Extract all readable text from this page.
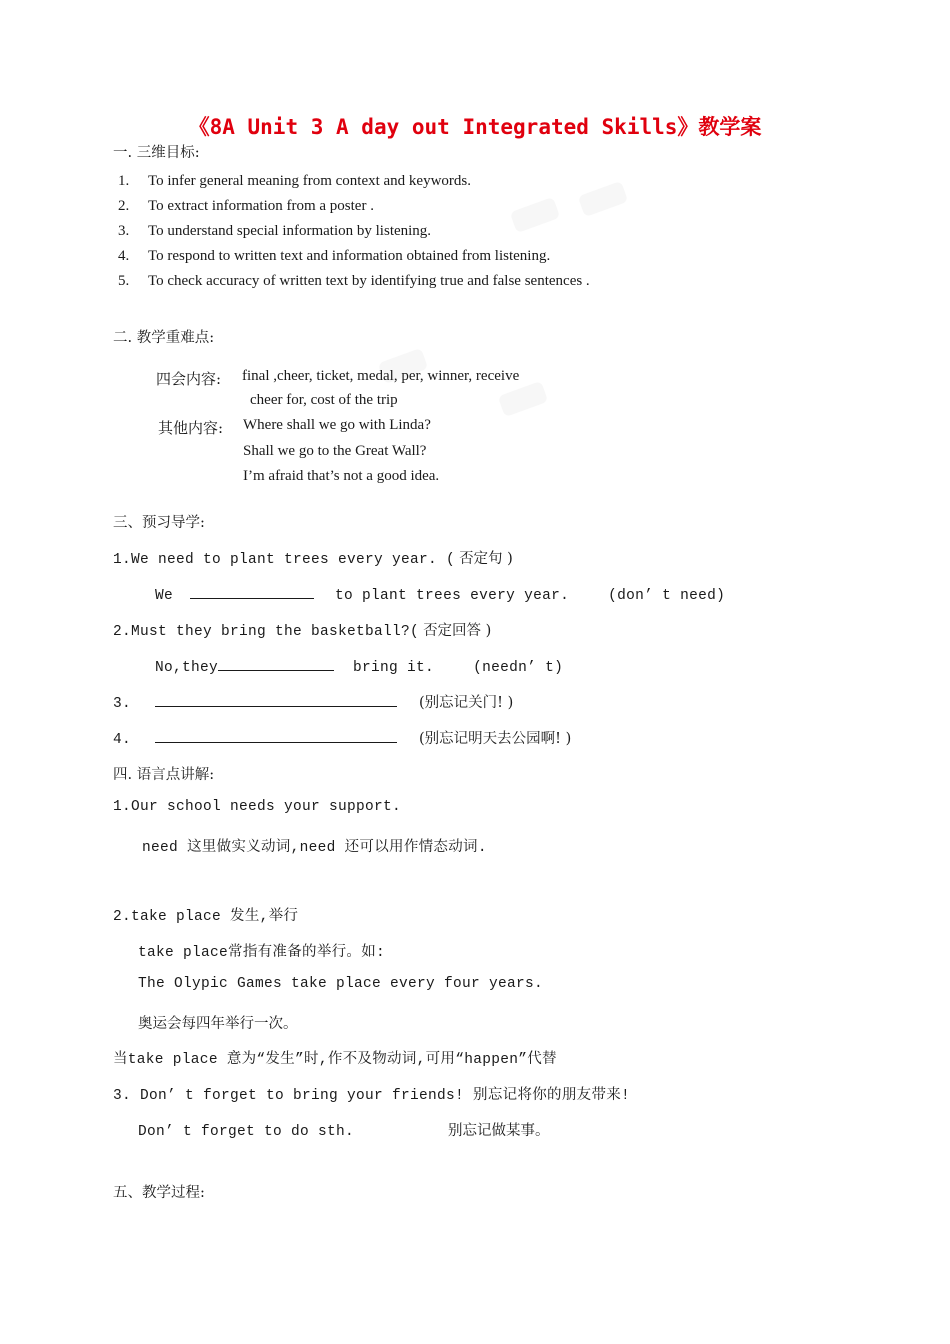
《8A Unit 3 A day out Integrated Skills》教学案
一. 三维目标:
1. To infer general meaning from context and keywords.
2. To extract information from a poster .
3. To understand special information by listening.
4. To respond to written text and information obtained from listening.
5. To check accuracy of written text by identifying true and false sentences .
二. 教学重难点:
四会内容: final ,cheer, ticket, medal, per, winner, receive
cheer for, cost of the trip
其他内容: Where shall we go with Linda?
Shall we go to the Great Wall?
I’m afraid that’s not a good idea.
三、预习导学:
1.We need to plant trees every year. ( 否定句 )
We	to plant trees every year.	(don’ t need)
2.Must they bring the basketball?( 否定回答 )
No,they	bring it.	(needn’ t)
3.	(别忘记关门! )
4.	(别忘记明天去公园啊! )
四. 语言点讲解:
1.Our school needs your support.
need 这里做实义动词,need 还可以用作情态动词.
2.take place 发生,举行
take place常指有准备的举行。如:
The Olypic Games take place every four years.
奥运会每四年举行一次。
当take place 意为“发生”时,作不及物动词,可用“happen”代替
3. Don’ t forget to bring your friends! 别忘记将你的朋友带来!
Don’ t forget to do sth.	别忘记做某事。
五、教学过程:
